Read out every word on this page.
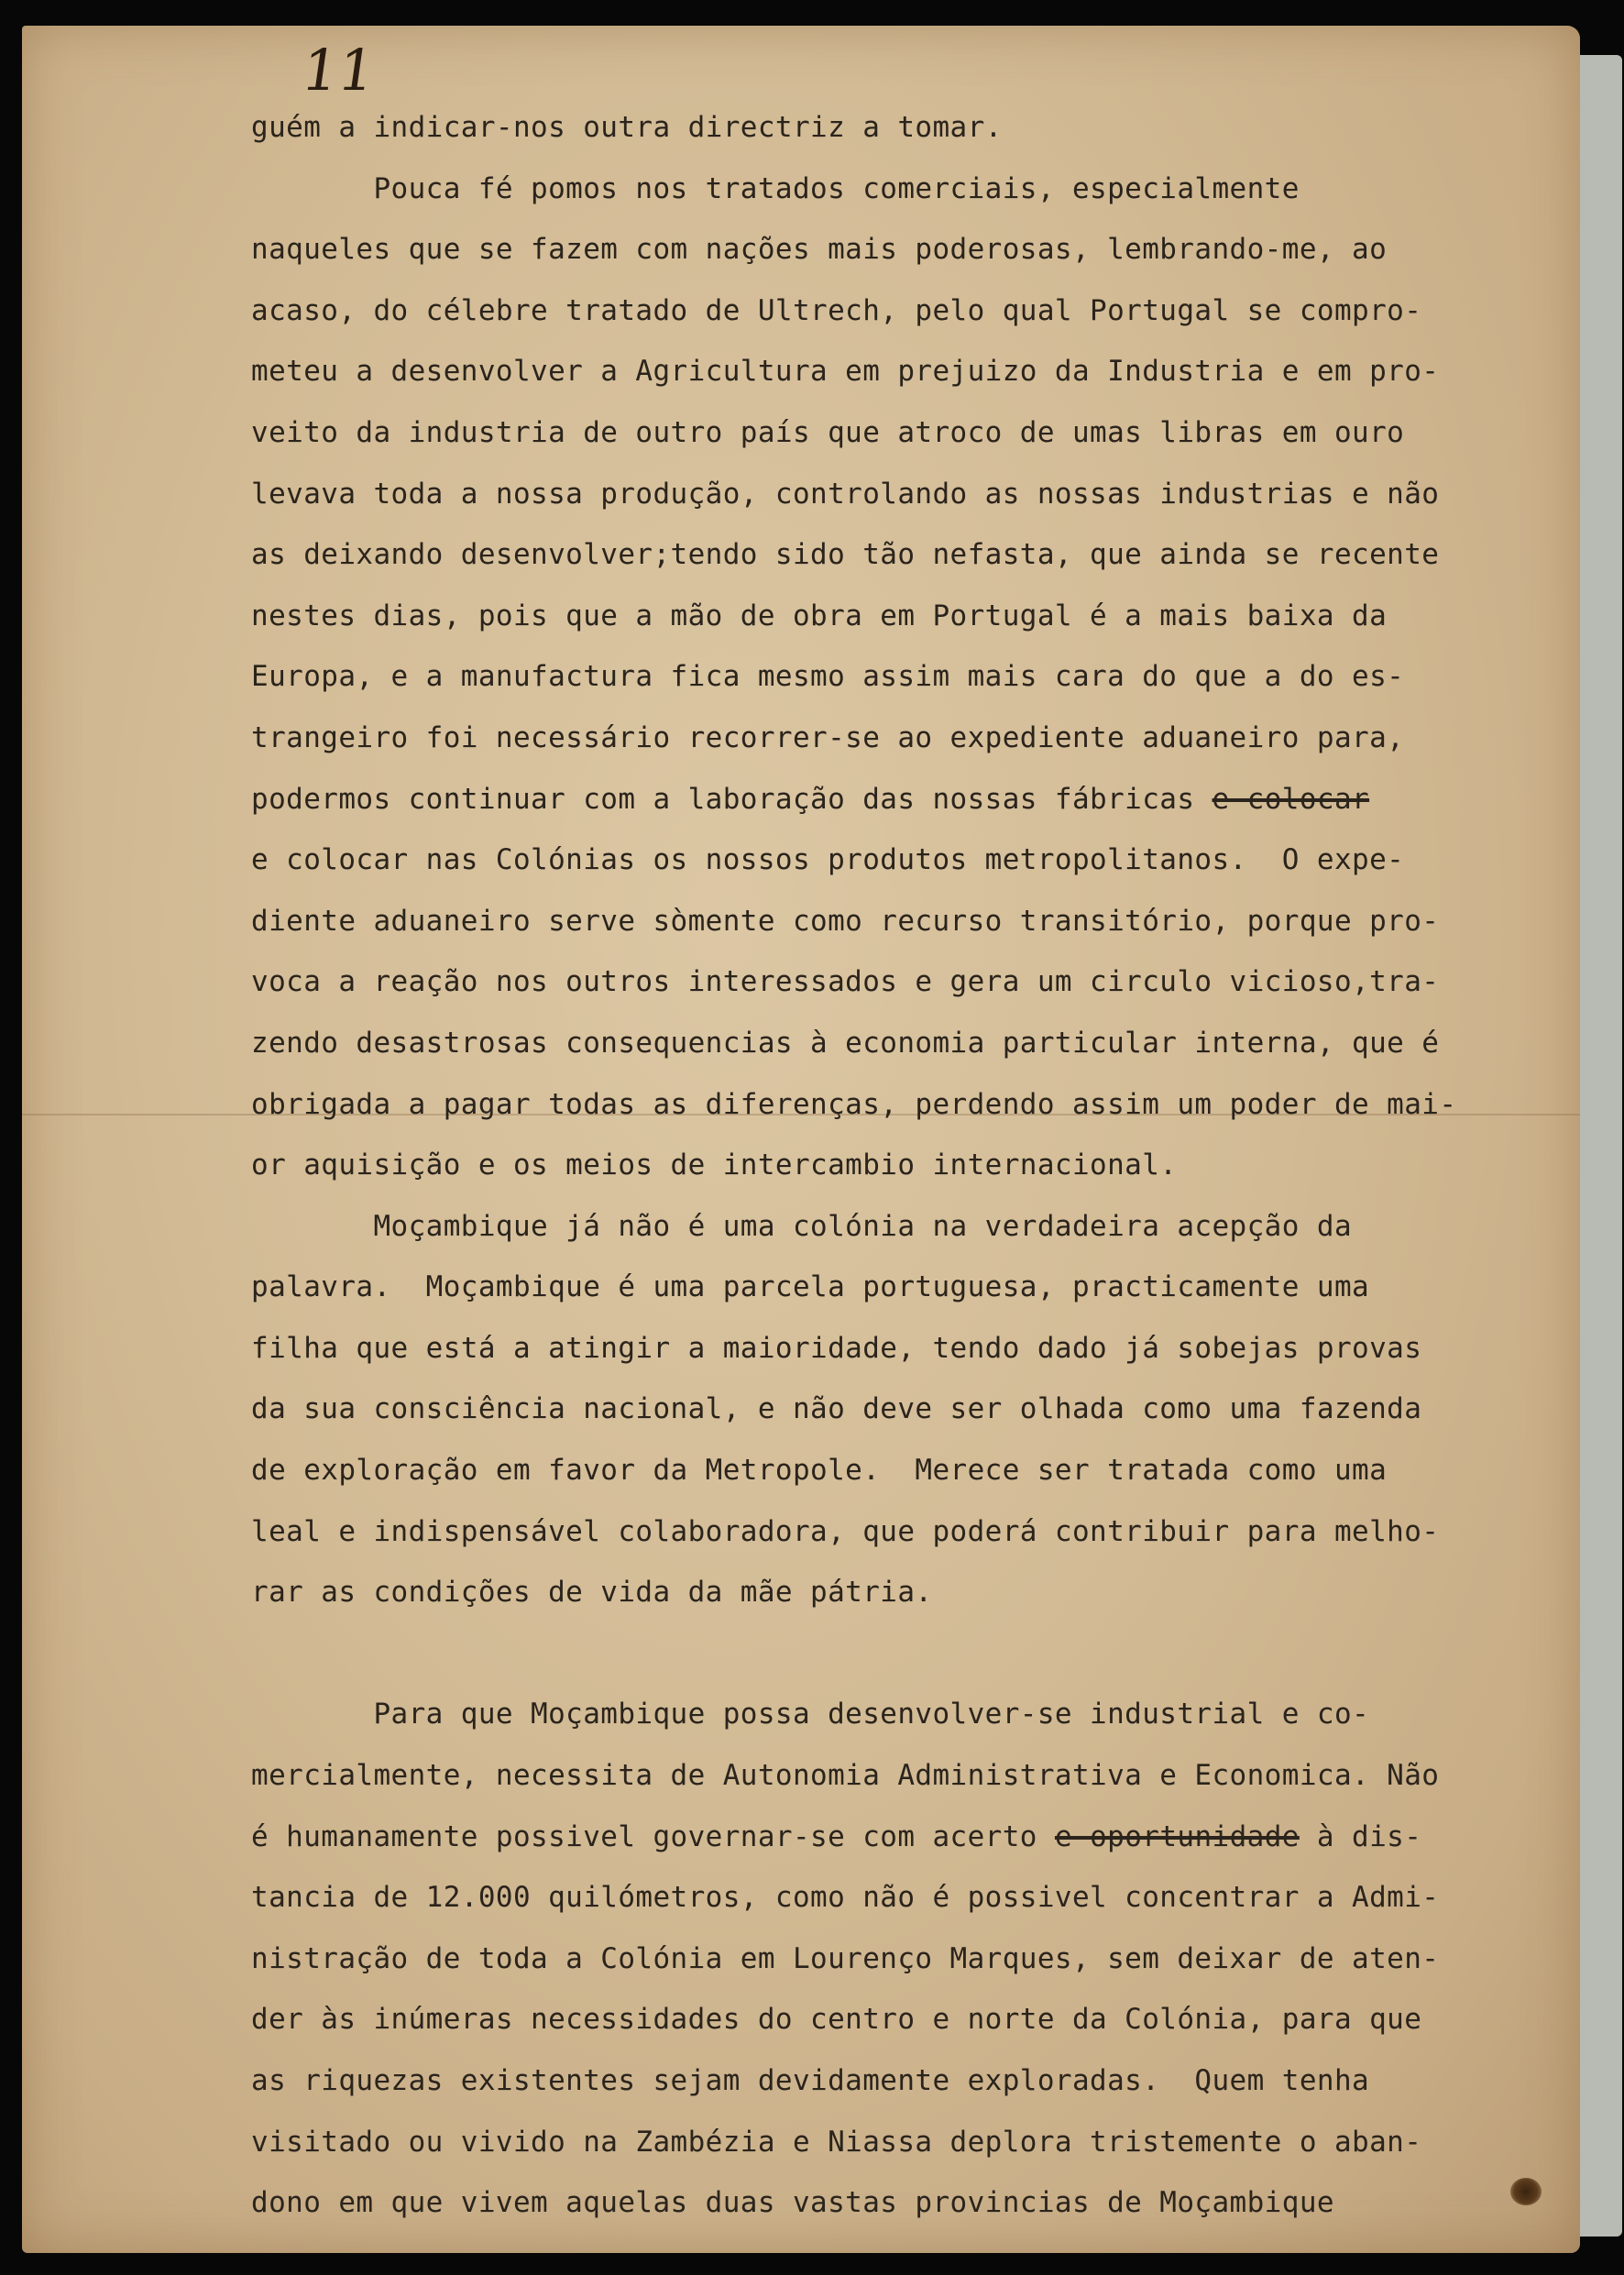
11
guém a indicar-nos outra directriz a tomar.
Pouca fé pomos nos tratados comerciais, especialmente
naqueles que se fazem com nações mais poderosas, lembrando-me, ao
acaso, do célebre tratado de Ultrech, pelo qual Portugal se compro-
meteu a desenvolver a Agricultura em prejuizo da Industria e em pro-
veito da industria de outro país que atroco de umas libras em ouro
levava toda a nossa produção, controlando as nossas industrias e não
as deixando desenvolver;tendo sido tão nefasta, que ainda se recente
nestes dias, pois que a mão de obra em Portugal é a mais baixa da
Europa, e a manufactura fica mesmo assim mais cara do que a do es-
trangeiro foi necessário recorrer-se ao expediente aduaneiro para,
podermos continuar com a laboração das nossas fábricas e colocar
e colocar nas Colónias os nossos produtos metropolitanos.  O expe-
diente aduaneiro serve sòmente como recurso transitório, porque pro-
voca a reação nos outros interessados e gera um circulo vicioso,tra-
zendo desastrosas consequencias à economia particular interna, que é
obrigada a pagar todas as diferenças, perdendo assim um poder de mai-
or aquisição e os meios de intercambio internacional.
Moçambique já não é uma colónia na verdadeira acepção da
palavra.  Moçambique é uma parcela portuguesa, practicamente uma
filha que está a atingir a maioridade, tendo dado já sobejas provas
da sua consciência nacional, e não deve ser olhada como uma fazenda
de exploração em favor da Metropole.  Merece ser tratada como uma
leal e indispensável colaboradora, que poderá contribuir para melho-
rar as condições de vida da mãe pátria.
Para que Moçambique possa desenvolver-se industrial e co-
mercialmente, necessita de Autonomia Administrativa e Economica. Não
é humanamente possivel governar-se com acerto e oportunidade à dis-
tancia de 12.000 quilómetros, como não é possivel concentrar a Admi-
nistração de toda a Colónia em Lourenço Marques, sem deixar de aten-
der às inúmeras necessidades do centro e norte da Colónia, para que
as riquezas existentes sejam devidamente exploradas.  Quem tenha
visitado ou vivido na Zambézia e Niassa deplora tristemente o aban-
dono em que vivem aquelas duas vastas provincias de Moçambique
